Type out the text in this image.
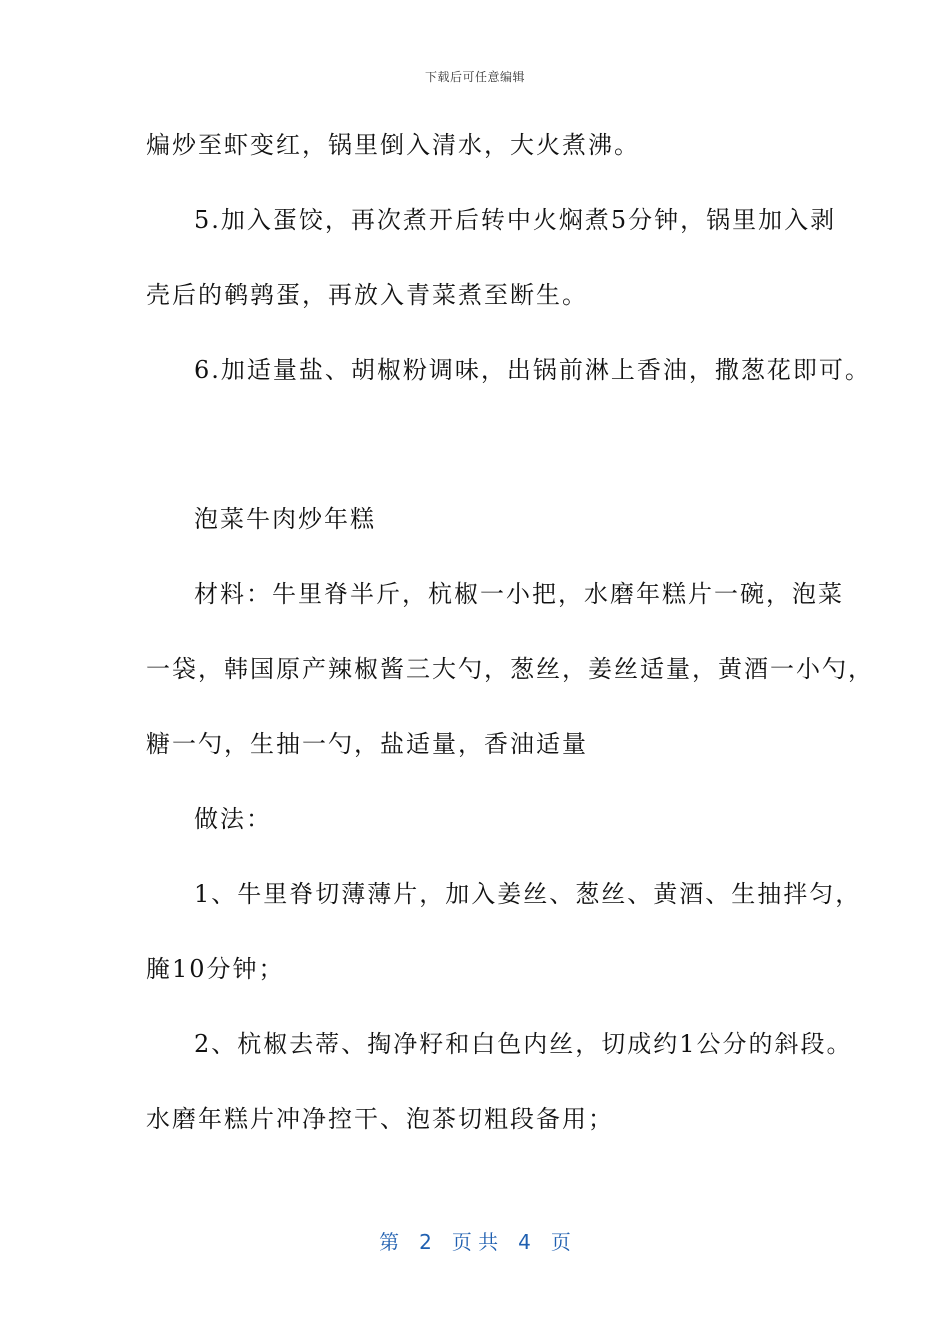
下载后可任意编辑
煸炒至虾变红，锅里倒入清水，大火煮沸。
5.加入蛋饺，再次煮开后转中火焖煮5分钟，锅里加入剥
壳后的鹌鹑蛋，再放入青菜煮至断生。
6.加适量盐、胡椒粉调味，出锅前淋上香油，撒葱花即可。
泡菜牛肉炒年糕
材料：牛里脊半斤，杭椒一小把，水磨年糕片一碗，泡菜
一袋，韩国原产辣椒酱三大勺，葱丝，姜丝适量，黄酒一小勺，
糖一勺，生抽一勺，盐适量，香油适量
做法：
1、牛里脊切薄薄片，加入姜丝、葱丝、黄酒、生抽拌匀，
腌10分钟；
2、杭椒去蒂、掏净籽和白色内丝，切成约1公分的斜段。
水磨年糕片冲净控干、泡茶切粗段备用；
第 2 页 共 4 页
